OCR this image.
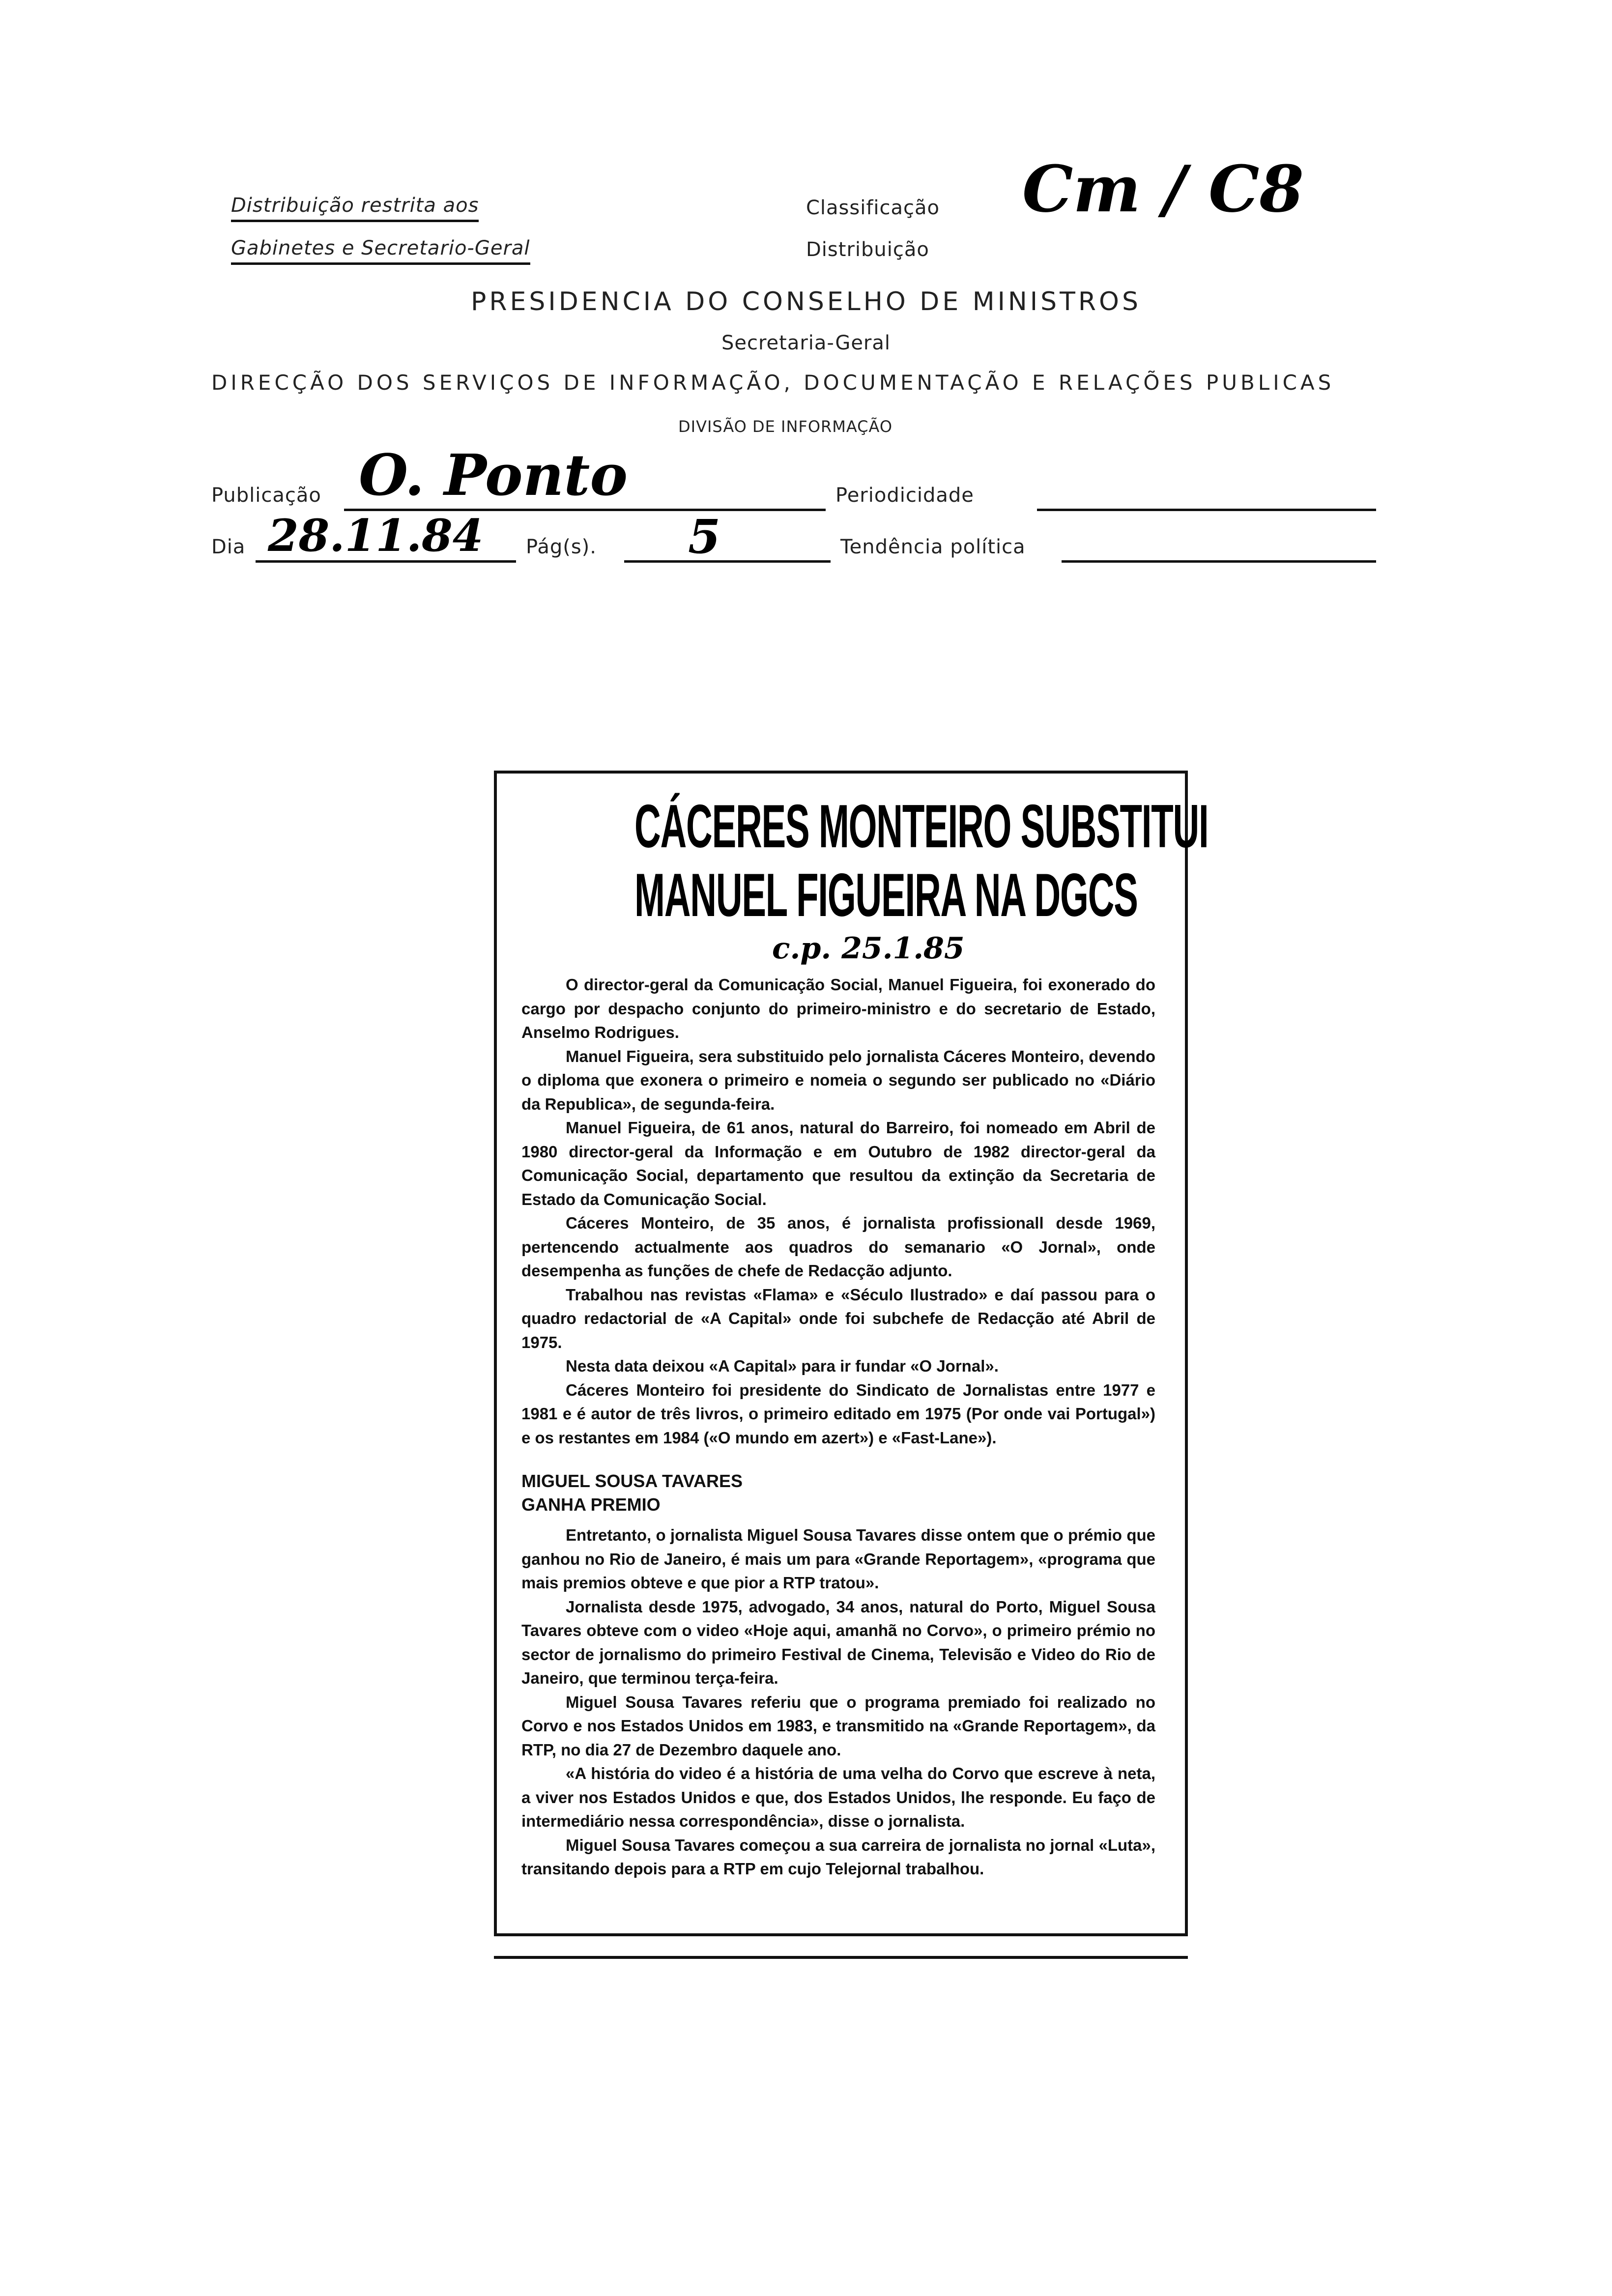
Distribuição restrita aos
Gabinetes e Secretario-Geral
Classificação
Distribuição
Cm / C8
PRESIDENCIA DO CONSELHO DE MINISTROS
Secretaria-Geral
DIRECÇÃO DOS SERVIÇOS DE INFORMAÇÃO, DOCUMENTAÇÃO E RELAÇÕES PUBLICAS
DIVISÃO DE INFORMAÇÃO
Publicação O. Ponto	Periodicidade
Dia 28.11.84 Pág(s). 5	Tendência política
CÁCERES MONTEIRO SUBSTITUI
MANUEL FIGUEIRA NA DGCS
c.p. 25.1.85

O director-geral da Comunicação Social, Manuel Figueira, foi exonerado do cargo por despacho conjunto do primeiro-ministro e do secretario de Estado, Anselmo Rodrigues.

Manuel Figueira, sera substituido pelo jornalista Cáceres Monteiro, devendo o diploma que exonera o primeiro e nomeia o segundo ser publicado no «Diário da Republica», de segunda-feira.

Manuel Figueira, de 61 anos, natural do Barreiro, foi nomeado em Abril de 1980 director-geral da Informação e em Outubro de 1982 director-geral da Comunicação Social, departamento que resultou da extinção da Secretaria de Estado da Comunicação Social.

Cáceres Monteiro, de 35 anos, é jornalista profissionall desde 1969, pertencendo actualmente aos quadros do semanario «O Jornal», onde desempenha as funções de chefe de Redacção adjunto.

Trabalhou nas revistas «Flama» e «Século Ilustrado» e daí passou para o quadro redactorial de «A Capital» onde foi subchefe de Redacção até Abril de 1975.

Nesta data deixou «A Capital» para ir fundar «O Jornal».

Cáceres Monteiro foi presidente do Sindicato de Jornalistas entre 1977 e 1981 e é autor de três livros, o primeiro editado em 1975 (Por onde vai Portugal») e os restantes em 1984 («O mundo em azert») e «Fast-Lane»).

MIGUEL SOUSA TAVARES
GANHA PREMIO

Entretanto, o jornalista Miguel Sousa Tavares disse ontem que o prémio que ganhou no Rio de Janeiro, é mais um para «Grande Reportagem», «programa que mais premios obteve e que pior a RTP tratou».

Jornalista desde 1975, advogado, 34 anos, natural do Porto, Miguel Sousa Tavares obteve com o video «Hoje aqui, amanhã no Corvo», o primeiro prémio no sector de jornalismo do primeiro Festival de Cinema, Televisão e Video do Rio de Janeiro, que terminou terça-feira.

Miguel Sousa Tavares referiu que o programa premiado foi realizado no Corvo e nos Estados Unidos em 1983, e transmitido na «Grande Reportagem», da RTP, no dia 27 de Dezembro daquele ano.

«A história do video é a história de uma velha do Corvo que escreve à neta, a viver nos Estados Unidos e que, dos Estados Unidos, lhe responde. Eu faço de intermediário nessa correspondência», disse o jornalista.

Miguel Sousa Tavares começou a sua carreira de jornalista no jornal «Luta», transitando depois para a RTP em cujo Telejornal trabalhou.
